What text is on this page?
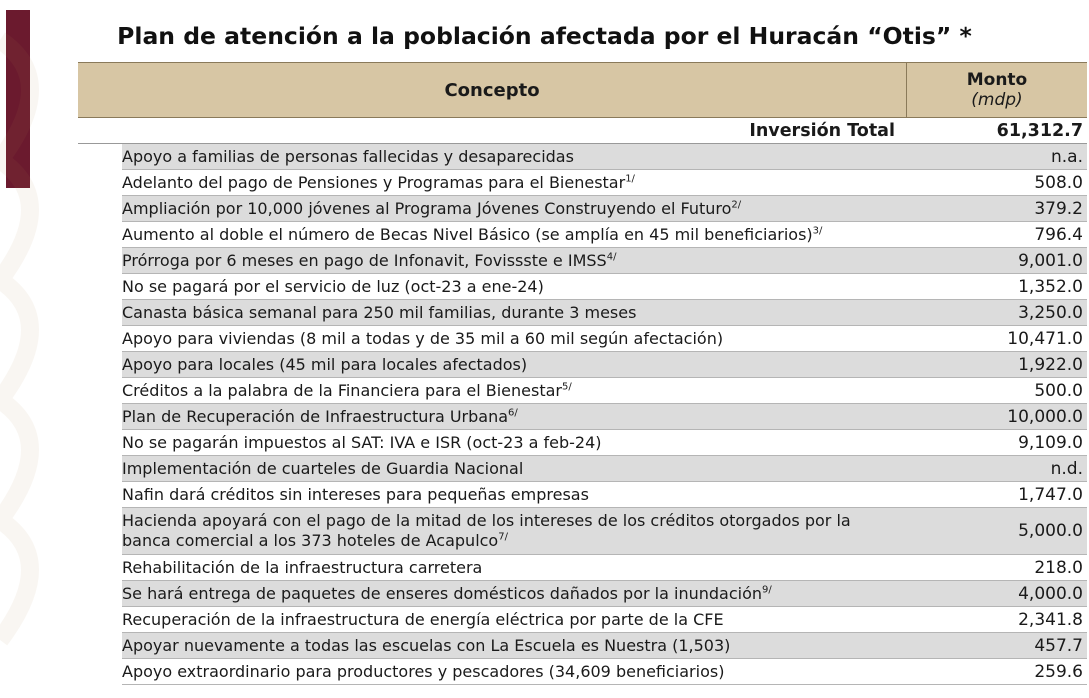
Plan de atención a la población afectada por el Huracán “Otis” *
Concepto	Monto
(mdp)
Inversión Total	61,312.7
Apoyo a familias de personas fallecidas y desaparecidas	n.a.
Adelanto del pago de Pensiones y Programas para el Bienestar$^{1/}$	508.0
Ampliación por 10,000 jóvenes al Programa Jóvenes Construyendo el Futuro$^{2/}$	379.2
Aumento al doble el número de Becas Nivel Básico (se amplía en 45 mil beneficiarios)$^{3/}$	796.4
Prórroga por 6 meses en pago de Infonavit, Fovissste e $IMSS^{4/}$	9,001.0
No se pagará por el servicio de luz (oct-23 a ene-24)	1,352.0
Canasta básica semanal para 250 mil familias, durante 3 meses	3,250.0
Apoyo para viviendas (8 mil a todas y de 35 mil a 60 mil según afectación)	10,471.0
Apoyo para locales (45 mil para locales afectados)	1,922.0
Créditos a la palabra de la Financiera para el Bienestar$^{5/}$	500.0
Plan de Recuperación de Infraestructura Urbana$^{6/}$	10,000.0
No se pagarán impuestos al SAT: IVA e ISR (oct-23 a feb-24)	9,109.0
Implementación de cuarteles de Guardia Nacional	n.d.
Nafin dará créditos sin intereses para pequeñas empresas	1,747.0
Hacienda apoyará con el pago de la mitad de los intereses de los créditos otorgados por la banca comercial a los 373 hoteles de Acapulco$^{7/}$	5,000.0
Rehabilitación de la infraestructura carretera	218.0
Se hará entrega de paquetes de enseres domésticos dañados por la inundación$^{9/}$	4,000.0
Recuperación de la infraestructura de energía eléctrica por parte de la CFE	2,341.8
Apoyar nuevamente a todas las escuelas con La Escuela es Nuestra (1,503)	457.7
Apoyo extraordinario para productores y pescadores (34,609 beneficiarios)	259.6
